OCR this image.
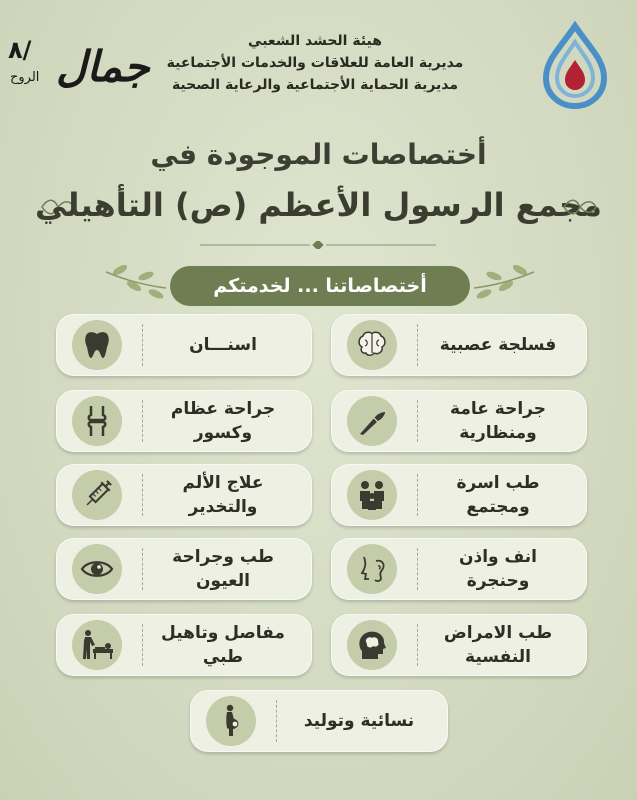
هيئة الحشد الشعبي
مديرية العامة للعلاقات والخدمات الأجتماعية
مديرية الحماية الأجتماعية والرعاية الصحية
٨/
الروح جمال
أختصاصات الموجودة في
مجمع الرسول الأعظم (ص) التأهيلي
أختصاصاتنا ... لخدمتكم
فسلجة عصبية
جراحة عامة
ومنظارية
طب اسرة
ومجتمع
انف واذن
وحنجرة
طب الامراض
النفسية
اسنـــان
جراحة عظام وكسور
علاج الألم
والتخدير
طب وجراحة
العيون
مفاصل وتاهيل
طبي
نسائية وتوليد
